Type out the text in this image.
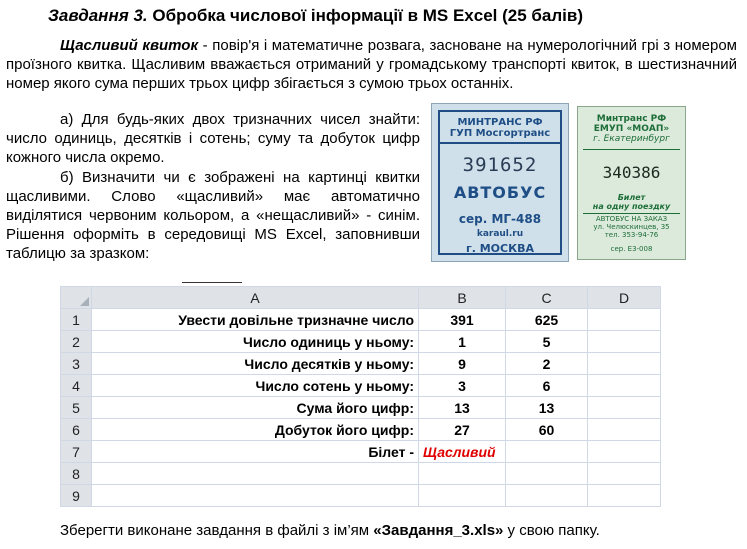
Завдання 3. Обробка числової інформації в MS Excel (25 балів)
Щасливий квиток - повір'я і математичне розвага, засноване на нумерологічний грі з номером проїзного квитка. Щасливим вважається отриманий у громадському транспорті квиток, в шестизначний номер якого сума перших трьох цифр збігається з сумою трьох останніх.
а) Для будь-яких двох тризначних чисел знайти: число одиниць, десятків і сотень; суму та добуток цифр кожного числа окремо.
б) Визначити чи є зображені на картинці квитки щасливими. Слово «щасливий» має автоматично виділятися червоним кольором, а «нещасливий» - синім. Рішення оформіть в середовищі MS Excel, заповнивши таблицю за зразком:
МИНТРАНС РФ
ГУП Мосгортранс
391652
АВТОБУС
сер. МГ-488
karaul.ru
г. МОСКВА
Минтранс РФ
ЕМУП «МОАП»
г. Екатеринбург
340386
Билет
на одну поездку
АВТОБУС НА ЗАКАЗ
ул. Челюскинцев, 35
тел. 353-94-76
сер. Е3-008
	A	B	C	D
1	Увести довільне тризначне число	391	625	
2	Число одиниць у ньому:	1	5	
3	Число десятків у ньому:	9	2	
4	Число сотень у ньому:	3	6	
5	Сума його цифр:	13	13	
6	Добуток його цифр:	27	60	
7	Білет -	Щасливий		
8				
9				
Зберегти виконане завдання в файлі з ім’ям «Завдання_3.xls» у свою папку.
